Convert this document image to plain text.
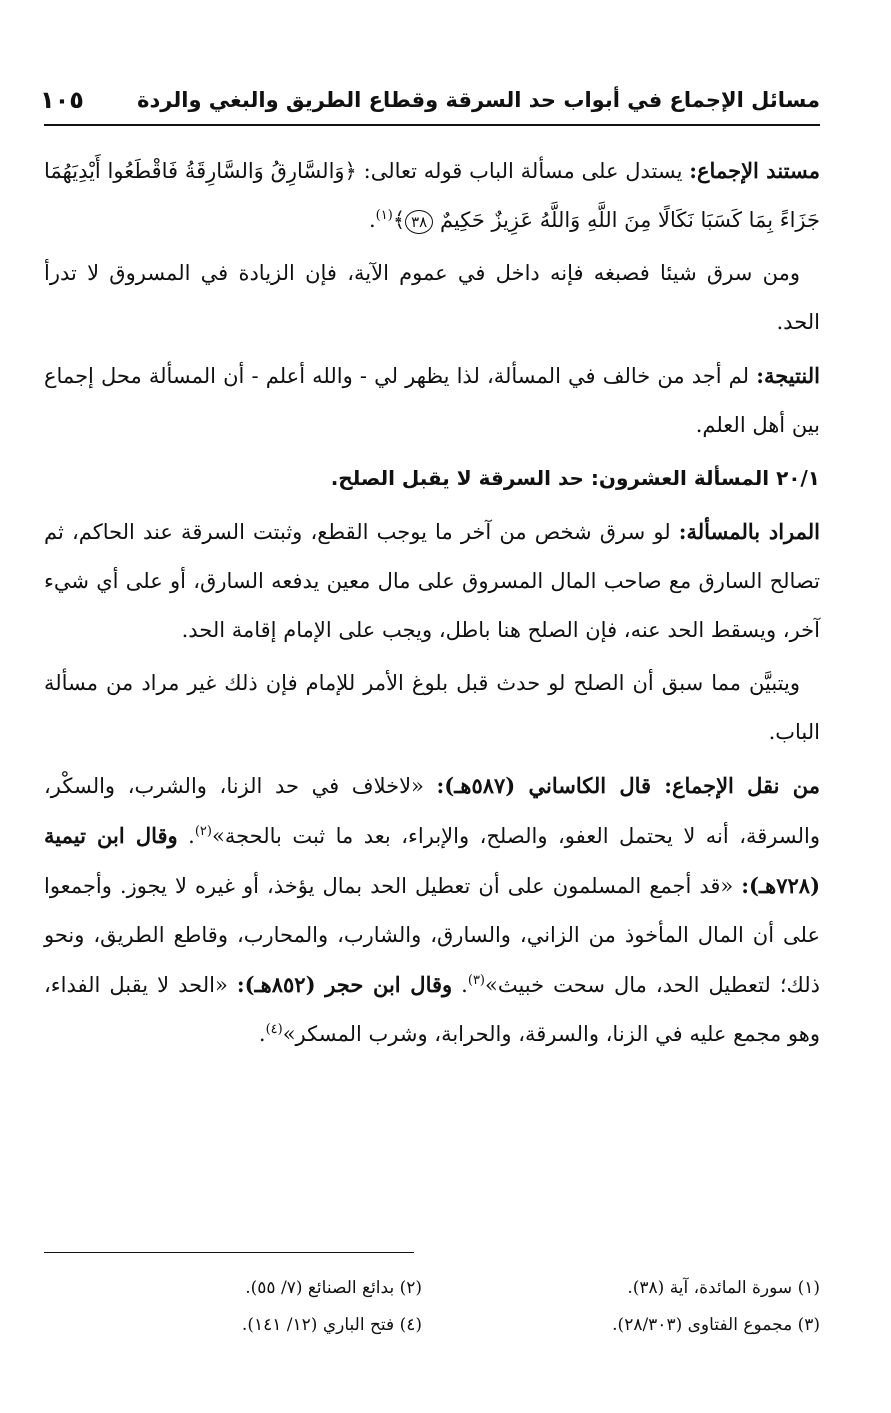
مسائل الإجماع في أبواب حد السرقة وقطاع الطريق والبغي والردة
١٠٥

مستند الإجماع: يستدل على مسألة الباب قوله تعالى: ﴿وَالسَّارِقُ وَالسَّارِقَةُ فَاقْطَعُوا أَيْدِيَهُمَا جَزَاءً بِمَا كَسَبَا نَكَالًا مِنَ اللَّهِ وَاللَّهُ عَزِيزٌ حَكِيمٌ ٣٨﴾$^{(١)}$.

ومن سرق شيئا فصبغه فإنه داخل في عموم الآية، فإن الزيادة في المسروق لا تدرأ الحد.

النتيجة: لم أجد من خالف في المسألة، لذا يظهر لي - والله أعلم - أن المسألة محل إجماع بين أهل العلم.

٢٠/١ المسألة العشرون: حد السرقة لا يقبل الصلح.

المراد بالمسألة: لو سرق شخص من آخر ما يوجب القطع، وثبتت السرقة عند الحاكم، ثم تصالح السارق مع صاحب المال المسروق على مال معين يدفعه السارق، أو على أي شيء آخر، ويسقط الحد عنه، فإن الصلح هنا باطل، ويجب على الإمام إقامة الحد.

ويتبيَّن مما سبق أن الصلح لو حدث قبل بلوغ الأمر للإمام فإن ذلك غير مراد من مسألة الباب.

من نقل الإجماع: قال الكاساني (٥٨٧هـ): «لاخلاف في حد الزنا، والشرب، والسكْر، والسرقة، أنه لا يحتمل العفو، والصلح، والإبراء، بعد ما ثبت بالحجة»$^{(٢)}$. وقال ابن تيمية (٧٢٨هـ): «قد أجمع المسلمون على أن تعطيل الحد بمال يؤخذ، أو غيره لا يجوز. وأجمعوا على أن المال المأخوذ من الزاني، والسارق، والشارب، والمحارب، وقاطع الطريق، ونحو ذلك؛ لتعطيل الحد، مال سحت خبيث»$^{(٣)}$. وقال ابن حجر (٨٥٢هـ): «الحد لا يقبل الفداء، وهو مجمع عليه في الزنا، والسرقة، والحرابة، وشرب المسكر»$^{(٤)}$.

(١) سورة المائدة، آية (٣٨).
(٢) بدائع الصنائع (٧/ ٥٥).
(٣) مجموع الفتاوى (٢٨/٣٠٣).
(٤) فتح الباري (١٢/ ١٤١).
